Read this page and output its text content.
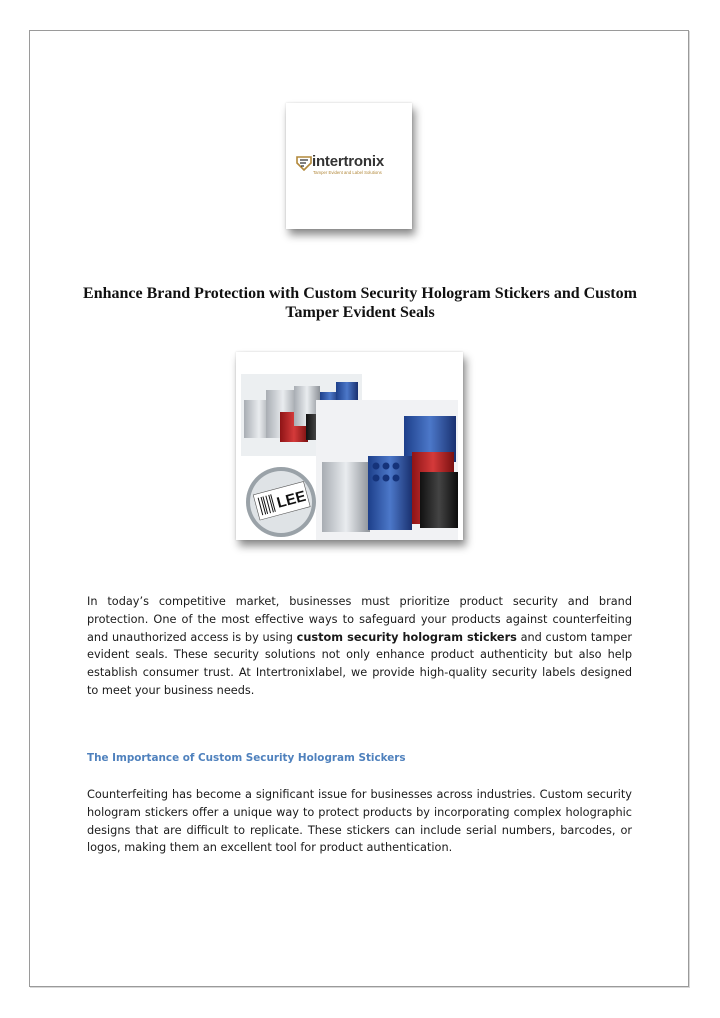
intertronix
Tamper Evident and Label Solutions
Enhance Brand Protection with Custom Security Hologram Stickers and Custom Tamper Evident Seals
LEE

In today’s competitive market, businesses must prioritize product security and brand protection. One of the most effective ways to safeguard your products against counterfeiting and unauthorized access is by using custom security hologram stickers and custom tamper evident seals. These security solutions not only enhance product authenticity but also help establish consumer trust. At Intertronixlabel, we provide high-quality security labels designed to meet your business needs.

The Importance of Custom Security Hologram Stickers

Counterfeiting has become a significant issue for businesses across industries. Custom security hologram stickers offer a unique way to protect products by incorporating complex holographic designs that are difficult to replicate. These stickers can include serial numbers, barcodes, or logos, making them an excellent tool for product authentication.
